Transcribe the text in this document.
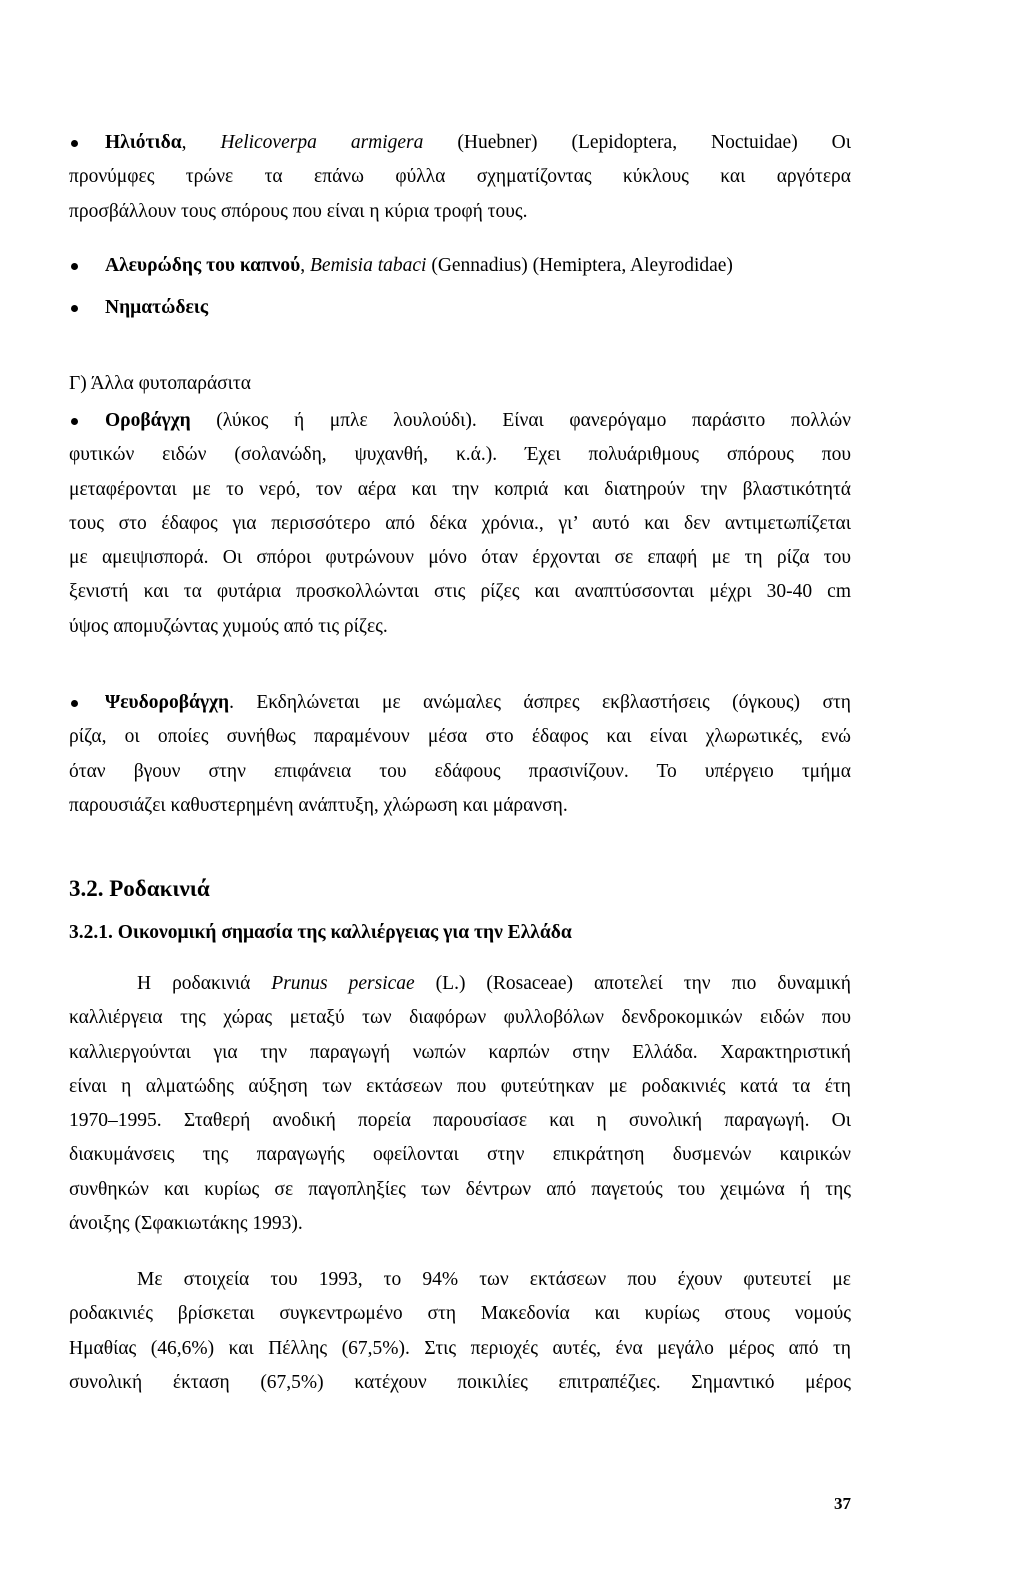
Ηλιότιδα, Helicoverpa armigera (Huebner) (Lepidoptera, Noctuidae) Οι
προνύμφες τρώνε τα επάνω φύλλα σχηματίζοντας κύκλους και αργότερα
προσβάλλουν τους σπόρους που είναι η κύρια τροφή τους.
Αλευρώδης του καπνού, Bemisia tabaci (Gennadius) (Hemiptera, Aleyrodidae)
Νηματώδεις
Γ) Άλλα φυτοπαράσιτα
Οροβάγχη (λύκος ή μπλε λουλούδι). Είναι φανερόγαμο παράσιτο πολλών
φυτικών ειδών (σολανώδη, ψυχανθή, κ.ά.). Έχει πολυάριθμους σπόρους που
μεταφέρονται με το νερό, τον αέρα και την κοπριά και διατηρούν την βλαστικότητά
τους στο έδαφος για περισσότερο από δέκα χρόνια., γι’ αυτό και δεν αντιμετωπίζεται
με αμειψισπορά. Οι σπόροι φυτρώνουν μόνο όταν έρχονται σε επαφή με τη ρίζα του
ξενιστή και τα φυτάρια προσκολλώνται στις ρίζες και αναπτύσσονται μέχρι 30-40 cm
ύψος απομυζώντας χυμούς από τις ρίζες.
Ψευδοροβάγχη. Εκδηλώνεται με ανώμαλες άσπρες εκβλαστήσεις (όγκους) στη
ρίζα, οι οποίες συνήθως παραμένουν μέσα στο έδαφος και είναι χλωρωτικές, ενώ
όταν βγουν στην επιφάνεια του εδάφους πρασινίζουν. Το υπέργειο τμήμα
παρουσιάζει καθυστερημένη ανάπτυξη, χλώρωση και μάρανση.
3.2. Ροδακινιά
3.2.1. Οικονομική σημασία της καλλιέργειας για την Ελλάδα
Η ροδακινιά Prunus persicae (L.) (Rosaceae) αποτελεί την πιο δυναμική
καλλιέργεια της χώρας μεταξύ των διαφόρων φυλλοβόλων δενδροκομικών ειδών που
καλλιεργούνται για την παραγωγή νωπών καρπών στην Ελλάδα. Χαρακτηριστική
είναι η αλματώδης αύξηση των εκτάσεων που φυτεύτηκαν με ροδακινιές κατά τα έτη
1970–1995. Σταθερή ανοδική πορεία παρουσίασε και η συνολική παραγωγή. Οι
διακυμάνσεις της παραγωγής οφείλονται στην επικράτηση δυσμενών καιρικών
συνθηκών και κυρίως σε παγοπληξίες των δέντρων από παγετούς του χειμώνα ή της
άνοιξης (Σφακιωτάκης 1993).
Με στοιχεία του 1993, το 94% των εκτάσεων που έχουν φυτευτεί με
ροδακινιές βρίσκεται συγκεντρωμένο στη Μακεδονία και κυρίως στους νομούς
Ημαθίας (46,6%) και Πέλλης (67,5%). Στις περιοχές αυτές, ένα μεγάλο μέρος από τη
συνολική έκταση (67,5%) κατέχουν ποικιλίες επιτραπέζιες. Σημαντικό μέρος
37
